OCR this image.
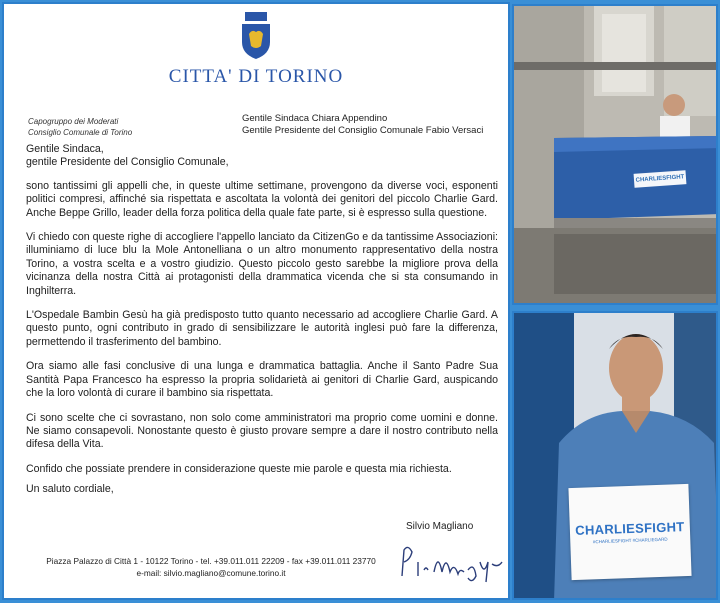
CITTA' DI TORINO
Capogruppo dei Moderati
Consiglio Comunale di Torino
Gentile Sindaca Chiara Appendino
Gentile Presidente del Consiglio Comunale Fabio Versaci
Gentile Sindaca,
gentile Presidente del Consiglio Comunale,

sono tantissimi gli appelli che, in queste ultime settimane, provengono da diverse voci, esponenti politici compresi, affinché sia rispettata e ascoltata la volontà dei genitori del piccolo Charlie Gard. Anche Beppe Grillo, leader della forza politica della quale fate parte, si è espresso sulla questione.

Vi chiedo con queste righe di accogliere l'appello lanciato da CitizenGo e da tantissime Associazioni: illuminiamo di luce blu la Mole Antonelliana o un altro monumento rappresentativo della nostra Torino, a vostra scelta e a vostro giudizio. Questo piccolo gesto sarebbe la migliore prova della vicinanza della nostra Città ai protagonisti della drammatica vicenda che si sta consumando in Inghilterra.

L'Ospedale Bambin Gesù ha già predisposto tutto quanto necessario ad accogliere Charlie Gard. A questo punto, ogni contributo in grado di sensibilizzare le autorità inglesi può fare la differenza, permettendo il trasferimento del bambino.

Ora siamo alle fasi conclusive di una lunga e drammatica battaglia. Anche il Santo Padre Sua Santità Papa Francesco ha espresso la propria solidarietà ai genitori di Charlie Gard, auspicando che la loro volontà di curare il bambino sia rispettata.

Ci sono scelte che ci sovrastano, non solo come amministratori ma proprio come uomini e donne. Ne siamo consapevoli. Nonostante questo è giusto provare sempre a dare il nostro contributo nella difesa della Vita.

Confido che possiate prendere in considerazione queste mie parole e questa mia richiesta.

Un saluto cordiale,
Silvio Magliano
Piazza Palazzo di Città 1 - 10122 Torino - tel. +39.011.011 22209 - fax +39.011.011 23770
e-mail: silvio.magliano@comune.torino.it
CHARLIESFIGHT
CHARLIESFIGHT
#CHARLIESFIGHT #CHARLIEGARD
